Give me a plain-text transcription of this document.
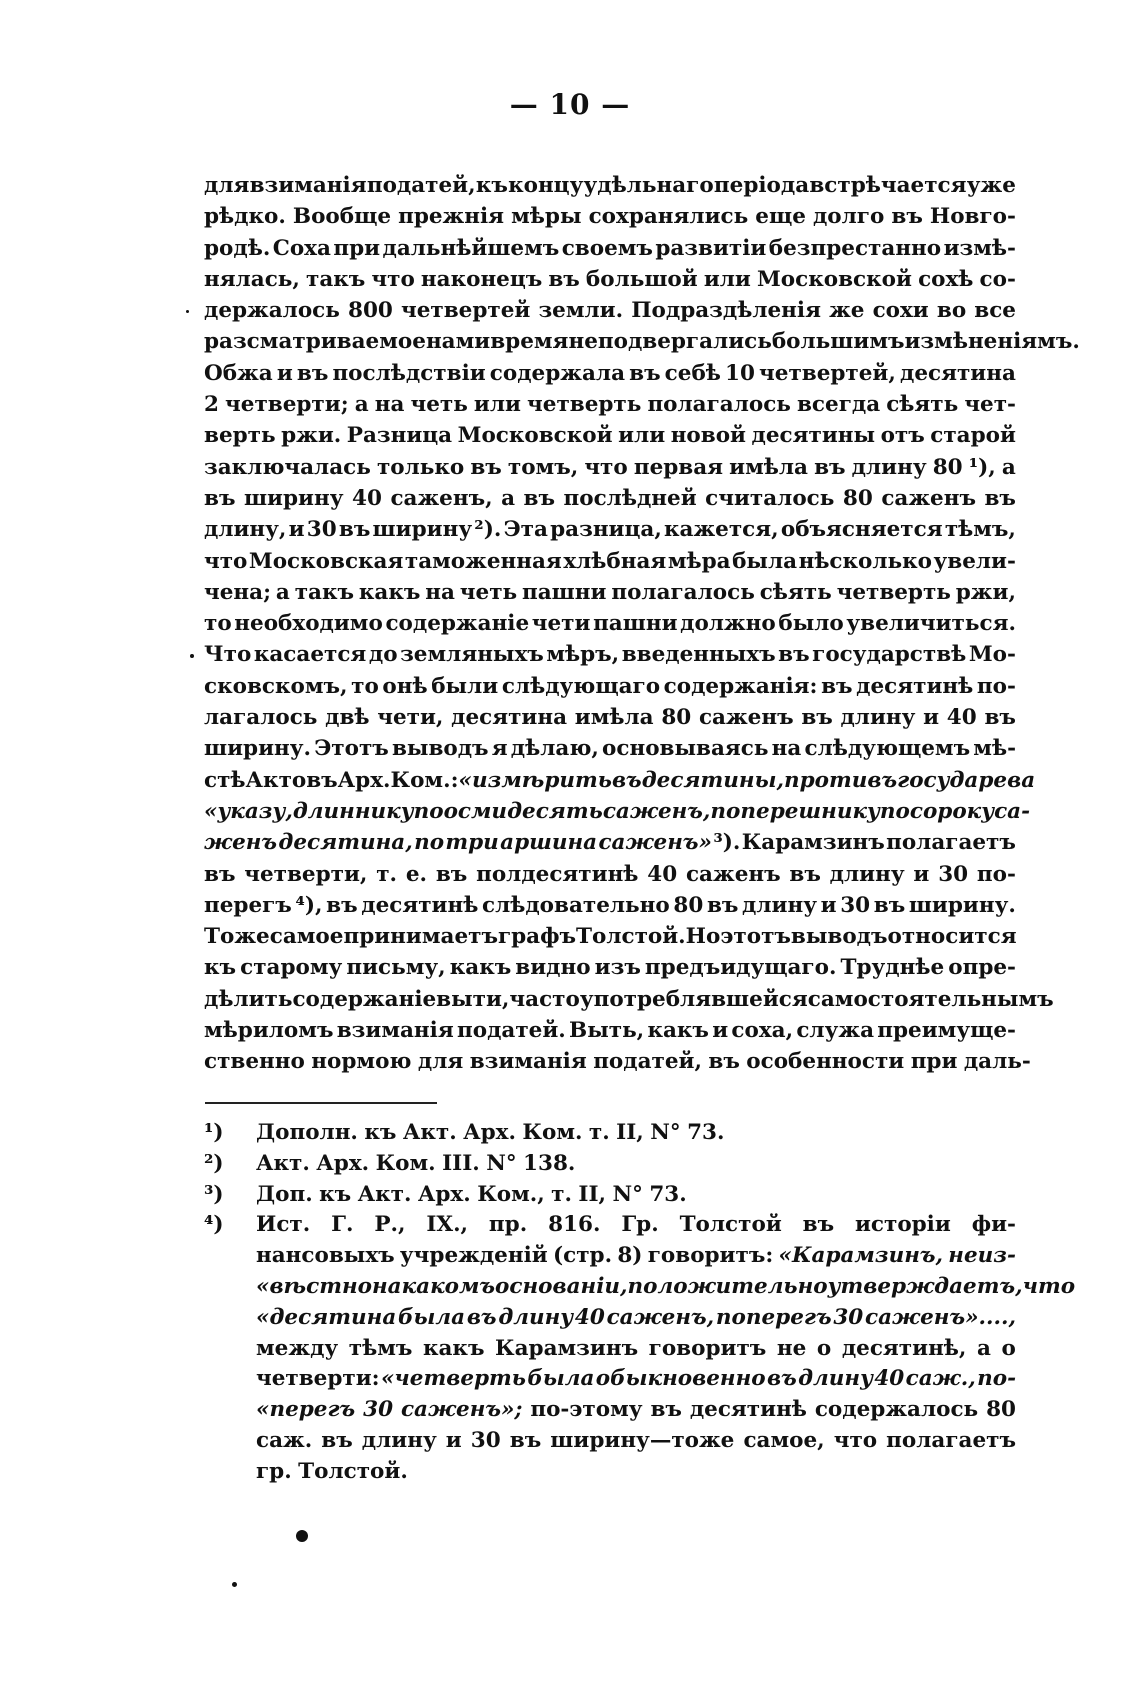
— 10 —
для взиманія податей, къ концу удѣльнаго періода встрѣчается уже
рѣдко. Вообще прежнія мѣры сохранялись еще долго въ Новго-
родѣ. Соха при дальнѣйшемъ своемъ развитіи безпрестанно измѣ-
нялась, такъ что наконецъ въ большой или Московской сохѣ со-
держалось 800 четвертей земли. Подраздѣленія же сохи во все
разсматриваемое нами время не подвергались большимъ измѣненіямъ.
Обжа и въ послѣдствіи содержала въ себѣ 10 четвертей, десятина
2 четверти; а на четь или четверть полагалось всегда сѣять чет-
верть ржи. Разница Московской или новой десятины отъ старой
заключалась только въ томъ, что первая имѣла въ длину 80 ¹), а
въ ширину 40 саженъ, а въ послѣдней считалось 80 саженъ въ
длину, и 30 въ ширину ²). Эта разница, кажется, объясняется тѣмъ,
что Московская таможенная хлѣбная мѣра была нѣсколько увели-
чена; а такъ какъ на четь пашни полагалось сѣять четверть ржи,
то необходимо содержаніе чети пашни должно было увеличиться.
Что касается до земляныхъ мѣръ, введенныхъ въ государствѣ Мо-
сковскомъ, то онѣ были слѣдующаго содержанія: въ десятинѣ по-
лагалось двѣ чети, десятина имѣла 80 саженъ въ длину и 40 въ
ширину. Этотъ выводъ я дѣлаю, основываясь на слѣдующемъ мѣ-
стѣ Актовъ Арх. Ком.: «измѣрить въ десятины, противъ государева
«указу, длиннику по осмидесять саженъ, поперешнику по сороку са-
женъ десятина, по три аршина саженъ» ³). Карамзинъ полагаетъ
въ четверти, т. е. въ полдесятинѣ 40 саженъ въ длину и 30 по-
перегъ ⁴), въ десятинѣ слѣдовательно 80 въ длину и 30 въ ширину.
Тоже самое принимаетъ графъ Толстой. Но этотъ выводъ относится
къ старому письму, какъ видно изъ предъидущаго. Труднѣе опре-
дѣлить содержаніе выти, часто употреблявшейся самостоятельнымъ
мѣриломъ взиманія податей. Выть, какъ и соха, служа преимуще-
ственно нормою для взиманія податей, въ особенности при даль-
¹)	Дополн. къ Акт. Арх. Ком. т. II, N° 73.
²)	Акт. Арх. Ком. III. N° 138.
³)	Доп. къ Акт. Арх. Ком., т. II, N° 73.
⁴)	Ист. Г. Р., IX., пр. 816. Гр. Толстой въ исторіи фи-
нансовыхъ учрежденій (стр. 8) говоритъ: «Карамзинъ, неиз-
«вѣстно на какомъ основаніи, положительно утверждаетъ, что
«десятина была въ длину 40 саженъ, поперегъ 30 саженъ»....,
между тѣмъ какъ Карамзинъ говоритъ не о десятинѣ, а о
четверти: «четверть была обыкновенно въ длину 40 саж., по-
«перегъ 30 саженъ»; по-этому въ десятинѣ содержалось 80
саж. въ длину и 30 въ ширину—тоже самое, что полагаетъ
гр. Толстой.
